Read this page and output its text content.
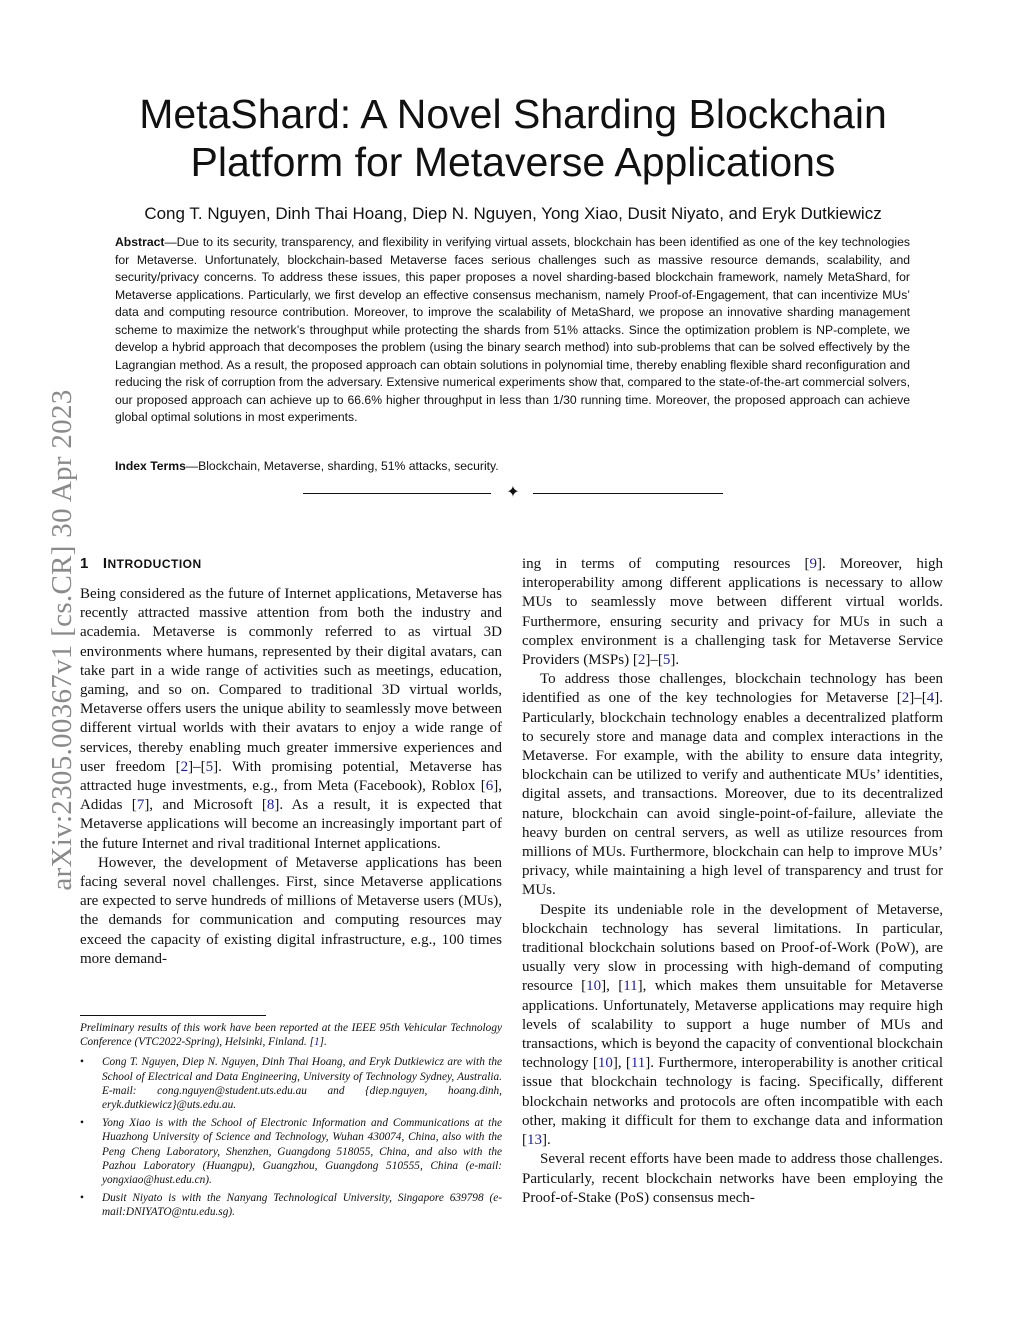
arXiv:2305.00367v1 [cs.CR] 30 Apr 2023
MetaShard: A Novel Sharding Blockchain
Platform for Metaverse Applications
Cong T. Nguyen, Dinh Thai Hoang, Diep N. Nguyen, Yong Xiao, Dusit Niyato, and Eryk Dutkiewicz
Abstract—Due to its security, transparency, and flexibility in verifying virtual assets, blockchain has been identified as one of the key technologies for Metaverse. Unfortunately, blockchain-based Metaverse faces serious challenges such as massive resource demands, scalability, and security/privacy concerns. To address these issues, this paper proposes a novel sharding-based blockchain framework, namely MetaShard, for Metaverse applications. Particularly, we first develop an effective consensus mechanism, namely Proof-of-Engagement, that can incentivize MUs’ data and computing resource contribution. Moreover, to improve the scalability of MetaShard, we propose an innovative sharding management scheme to maximize the network’s throughput while protecting the shards from 51% attacks. Since the optimization problem is NP-complete, we develop a hybrid approach that decomposes the problem (using the binary search method) into sub-problems that can be solved effectively by the Lagrangian method. As a result, the proposed approach can obtain solutions in polynomial time, thereby enabling flexible shard reconfiguration and reducing the risk of corruption from the adversary. Extensive numerical experiments show that, compared to the state-of-the-art commercial solvers, our proposed approach can achieve up to 66.6% higher throughput in less than 1/30 running time. Moreover, the proposed approach can achieve global optimal solutions in most experiments.
Index Terms—Blockchain, Metaverse, sharding, 51% attacks, security.
✦
1 INTRODUCTION

Being considered as the future of Internet applications, Metaverse has recently attracted massive attention from both the industry and academia. Metaverse is commonly referred to as virtual 3D environments where humans, represented by their digital avatars, can take part in a wide range of activities such as meetings, education, gaming, and so on. Compared to traditional 3D virtual worlds, Metaverse offers users the unique ability to seamlessly move between different virtual worlds with their avatars to enjoy a wide range of services, thereby enabling much greater immersive experiences and user freedom [2]–[5]. With promising potential, Metaverse has attracted huge investments, e.g., from Meta (Facebook), Roblox [6], Adidas [7], and Microsoft [8]. As a result, it is expected that Metaverse applications will become an increasingly important part of the future Internet and rival traditional Internet applications.

However, the development of Metaverse applications has been facing several novel challenges. First, since Metaverse applications are expected to serve hundreds of millions of Metaverse users (MUs), the demands for communication and computing resources may exceed the capacity of existing digital infrastructure, e.g., 100 times more demand-

Preliminary results of this work have been reported at the IEEE 95th Vehicular Technology Conference (VTC2022-Spring), Helsinki, Finland. [1].

• Cong T. Nguyen, Diep N. Nguyen, Dinh Thai Hoang, and Eryk Dutkiewicz are with the School of Electrical and Data Engineering, University of Technology Sydney, Australia. E-mail: cong.nguyen@student.uts.edu.au and {diep.nguyen, hoang.dinh, eryk.dutkiewicz}@uts.edu.au.
• Yong Xiao is with the School of Electronic Information and Communications at the Huazhong University of Science and Technology, Wuhan 430074, China, also with the Peng Cheng Laboratory, Shenzhen, Guangdong 518055, China, and also with the Pazhou Laboratory (Huangpu), Guangzhou, Guangdong 510555, China (e-mail: yongxiao@hust.edu.cn).
• Dusit Niyato is with the Nanyang Technological University, Singapore 639798 (e-mail:DNIYATO@ntu.edu.sg).

ing in terms of computing resources [9]. Moreover, high interoperability among different applications is necessary to allow MUs to seamlessly move between different virtual worlds. Furthermore, ensuring security and privacy for MUs in such a complex environment is a challenging task for Metaverse Service Providers (MSPs) [2]–[5].

To address those challenges, blockchain technology has been identified as one of the key technologies for Metaverse [2]–[4]. Particularly, blockchain technology enables a decentralized platform to securely store and manage data and complex interactions in the Metaverse. For example, with the ability to ensure data integrity, blockchain can be utilized to verify and authenticate MUs’ identities, digital assets, and transactions. Moreover, due to its decentralized nature, blockchain can avoid single-point-of-failure, alleviate the heavy burden on central servers, as well as utilize resources from millions of MUs. Furthermore, blockchain can help to improve MUs’ privacy, while maintaining a high level of transparency and trust for MUs.

Despite its undeniable role in the development of Metaverse, blockchain technology has several limitations. In particular, traditional blockchain solutions based on Proof-of-Work (PoW), are usually very slow in processing with high-demand of computing resource [10], [11], which makes them unsuitable for Metaverse applications. Unfortunately, Metaverse applications may require high levels of scalability to support a huge number of MUs and transactions, which is beyond the capacity of conventional blockchain technology [10], [11]. Furthermore, interoperability is another critical issue that blockchain technology is facing. Specifically, different blockchain networks and protocols are often incompatible with each other, making it difficult for them to exchange data and information [13].

Several recent efforts have been made to address those challenges. Particularly, recent blockchain networks have been employing the Proof-of-Stake (PoS) consensus mech-
